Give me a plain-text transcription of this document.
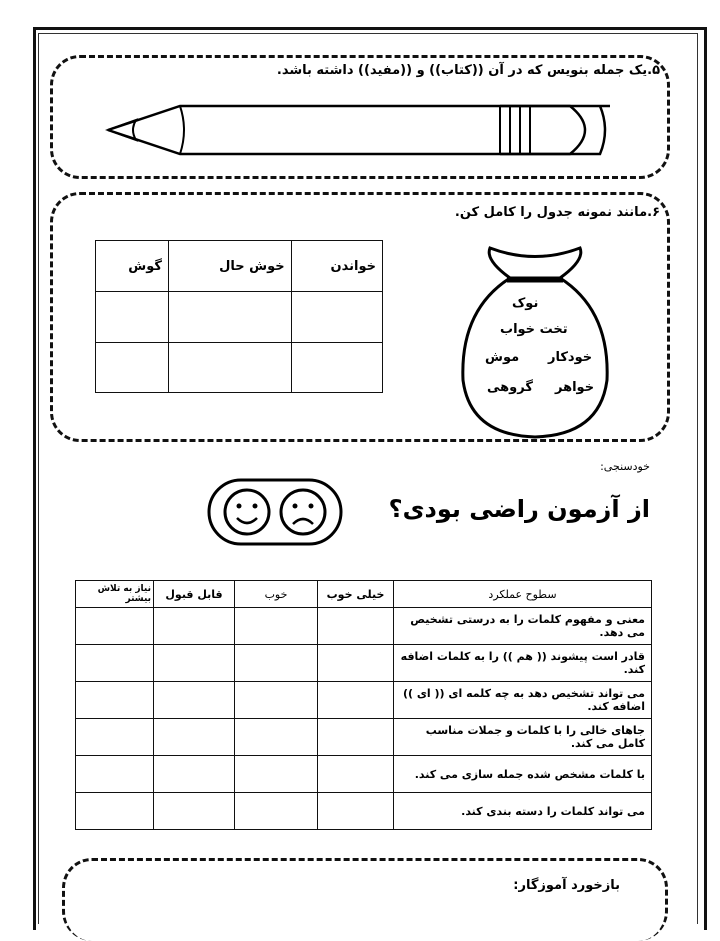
۵.یک جمله بنویس که در آن ((کتاب)) و ((مفید)) داشته باشد.
۶.مانند نمونه جدول را کامل کن.
خواندن	خوش حال	گوش

نوک
تخت خواب
خودکار
موش
خواهر
گروهی
خودسنجی:
از آزمون راضی بودی؟
سطوح عملکرد	خیلی خوب	خوب	قابل قبول	نیاز به تلاش بیشتر
معنی و مفهوم کلمات را به درستی تشخیص می دهد.				
قادر است پیشوند (( هم )) را به کلمات اضافه کند.				
می تواند تشخیص دهد به چه کلمه ای (( ای )) اضافه کند.				
جاهای خالی را با کلمات و جملات مناسب کامل می کند.				
با کلمات مشخص شده جمله سازی می کند.				
می تواند کلمات را دسته بندی کند.				
بازخورد آموزگار:
